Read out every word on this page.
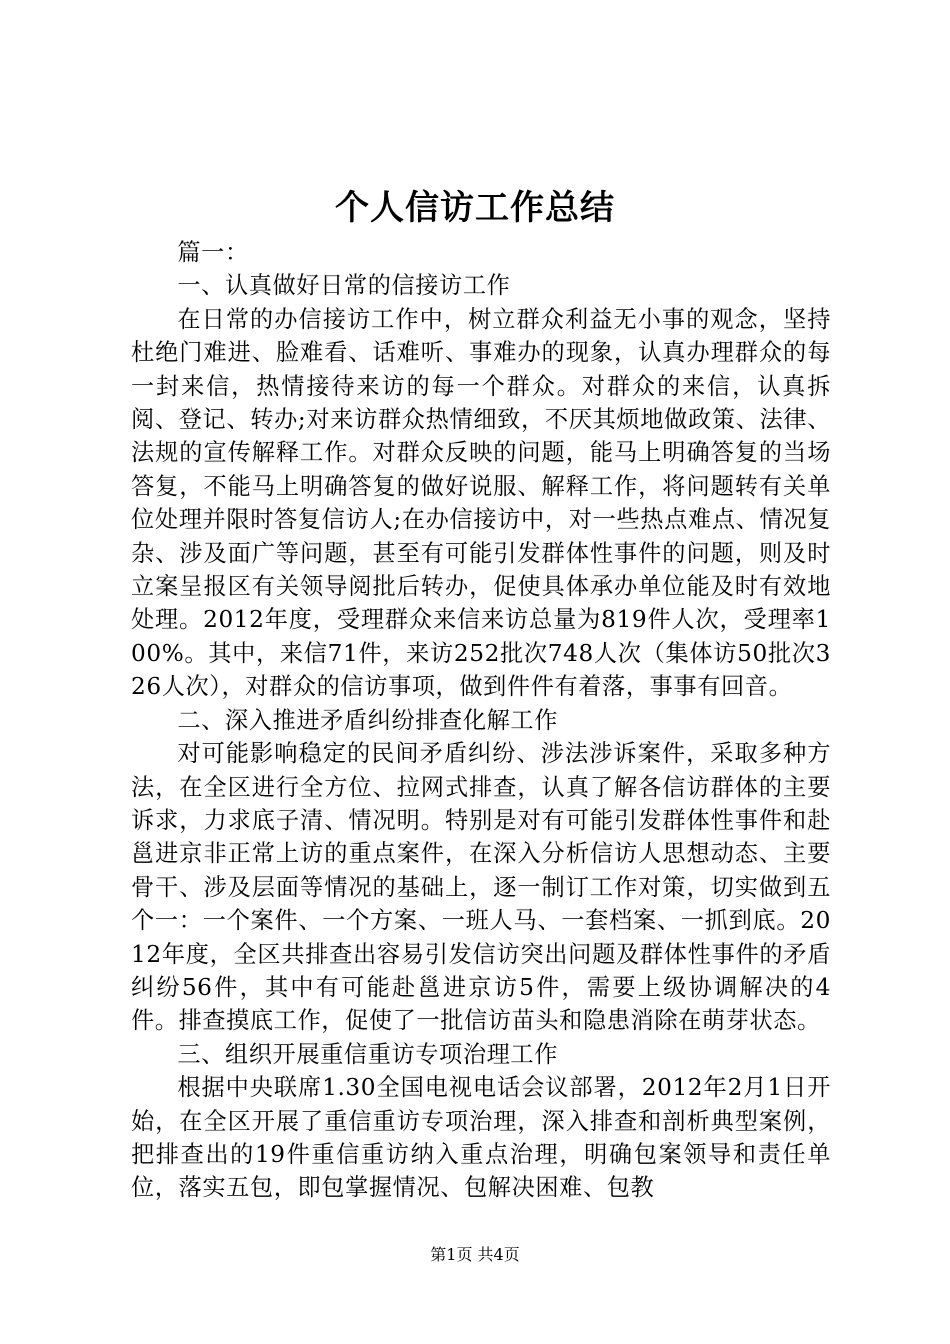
个人信访工作总结

篇一：

一、认真做好日常的信接访工作

在日常的办信接访工作中，树立群众利益无小事的观念，坚持杜绝门难进、脸难看、话难听、事难办的现象，认真办理群众的每一封来信，热情接待来访的每一个群众。对群众的来信，认真拆阅、登记、转办;对来访群众热情细致，不厌其烦地做政策、法律、法规的宣传解释工作。对群众反映的问题，能马上明确答复的当场答复，不能马上明确答复的做好说服、解释工作，将问题转有关单位处理并限时答复信访人;在办信接访中，对一些热点难点、情况复杂、涉及面广等问题，甚至有可能引发群体性事件的问题，则及时立案呈报区有关领导阅批后转办，促使具体承办单位能及时有效地处理。2012年度，受理群众来信来访总量为819件人次，受理率100%。其中，来信71件，来访252批次748人次（集体访50批次326人次），对群众的信访事项，做到件件有着落，事事有回音。

二、深入推进矛盾纠纷排查化解工作

对可能影响稳定的民间矛盾纠纷、涉法涉诉案件，采取多种方法，在全区进行全方位、拉网式排查，认真了解各信访群体的主要诉求，力求底子清、情况明。特别是对有可能引发群体性事件和赴邕进京非正常上访的重点案件，在深入分析信访人思想动态、主要骨干、涉及层面等情况的基础上，逐一制订工作对策，切实做到五个一：一个案件、一个方案、一班人马、一套档案、一抓到底。2012年度，全区共排查出容易引发信访突出问题及群体性事件的矛盾纠纷56件，其中有可能赴邕进京访5件，需要上级协调解决的4件。排查摸底工作，促使了一批信访苗头和隐患消除在萌芽状态。

三、组织开展重信重访专项治理工作

根据中央联席1.30全国电视电话会议部署，2012年2月1日开始，在全区开展了重信重访专项治理，深入排查和剖析典型案例，把排查出的19件重信重访纳入重点治理，明确包案领导和责任单位，落实五包，即包掌握情况、包解决困难、包教

第1页 共4页
